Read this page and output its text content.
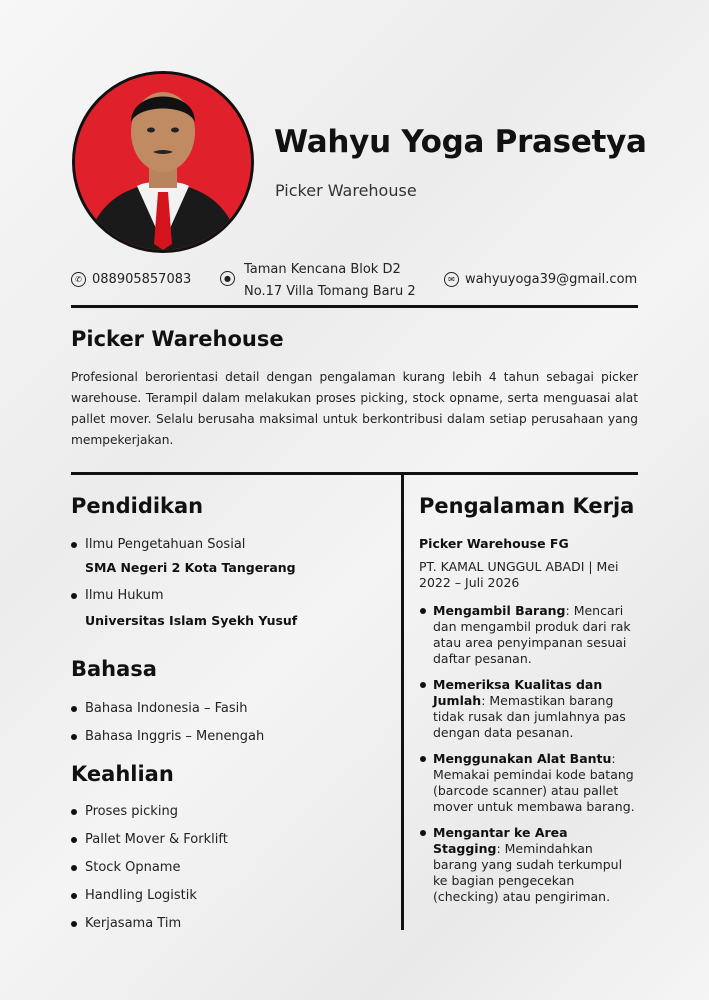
Wahyu Yoga Prasetya
Picker Warehouse
✆ 088905857083	●
Taman Kencana Blok D2
No.17 Villa Tomang Baru 2
✉ wahyuyoga39@gmail.com
Picker Warehouse
Profesional berorientasi detail dengan pengalaman kurang lebih 4 tahun sebagai picker warehouse. Terampil dalam melakukan proses picking, stock opname, serta menguasai alat pallet mover. Selalu berusaha maksimal untuk berkontribusi dalam setiap perusahaan yang mempekerjakan.
Pendidikan
Ilmu Pengetahuan Sosial
SMA Negeri 2 Kota Tangerang
Ilmu Hukum
Universitas Islam Syekh Yusuf
Bahasa
Bahasa Indonesia – Fasih
Bahasa Inggris – Menengah
Keahlian
Proses picking
Pallet Mover & Forklift
Stock Opname
Handling Logistik
Kerjasama Tim
Pengalaman Kerja
Picker Warehouse FG
PT. KAMAL UNGGUL ABADI | Mei 2022 – Juli 2026
Mengambil Barang: Mencari dan mengambil produk dari rak atau area penyimpanan sesuai daftar pesanan.
Memeriksa Kualitas dan Jumlah: Memastikan barang tidak rusak dan jumlahnya pas dengan data pesanan.
Menggunakan Alat Bantu: Memakai pemindai kode batang (barcode scanner) atau pallet mover untuk membawa barang.
Mengantar ke Area Stagging: Memindahkan barang yang sudah terkumpul ke bagian pengecekan (checking) atau pengiriman.
